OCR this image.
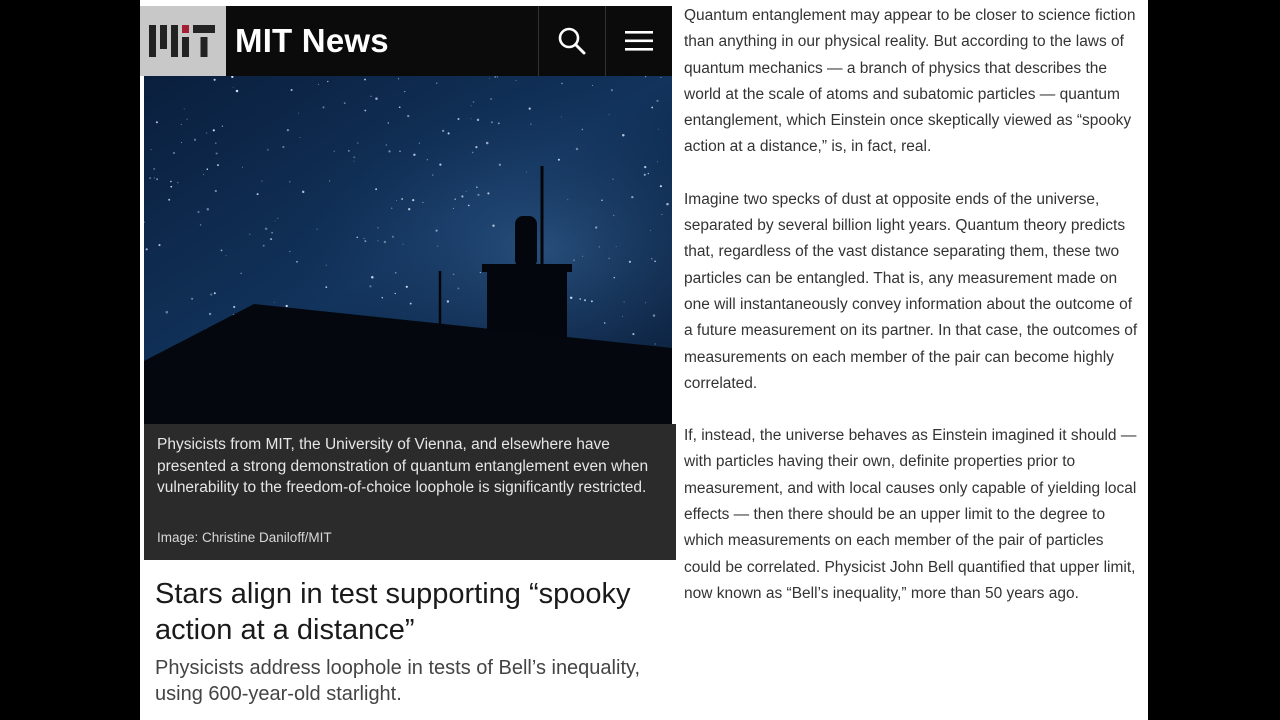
MIT News
Physicists from MIT, the University of Vienna, and elsewhere have presented a strong demonstration of quantum entanglement even when vulnerability to the freedom-of-choice loophole is significantly restricted.
Image: Christine Daniloff/MIT
Stars align in test supporting “spooky action at a distance”
Physicists address loophole in tests of Bell’s inequality, using 600-year-old starlight.

Quantum entanglement may appear to be closer to science fiction than anything in our physical reality. But according to the laws of quantum mechanics — a branch of physics that describes the world at the scale of atoms and subatomic particles — quantum entanglement, which Einstein once skeptically viewed as “spooky action at a distance,” is, in fact, real.

Imagine two specks of dust at opposite ends of the universe, separated by several billion light years. Quantum theory predicts that, regardless of the vast distance separating them, these two particles can be entangled. That is, any measurement made on one will instantaneously convey information about the outcome of a future measurement on its partner. In that case, the outcomes of measurements on each member of the pair can become highly correlated.

If, instead, the universe behaves as Einstein imagined it should — with particles having their own, definite properties prior to measurement, and with local causes only capable of yielding local effects — then there should be an upper limit to the degree to which measurements on each member of the pair of particles could be correlated. Physicist John Bell quantified that upper limit, now known as “Bell’s inequality,” more than 50 years ago.
